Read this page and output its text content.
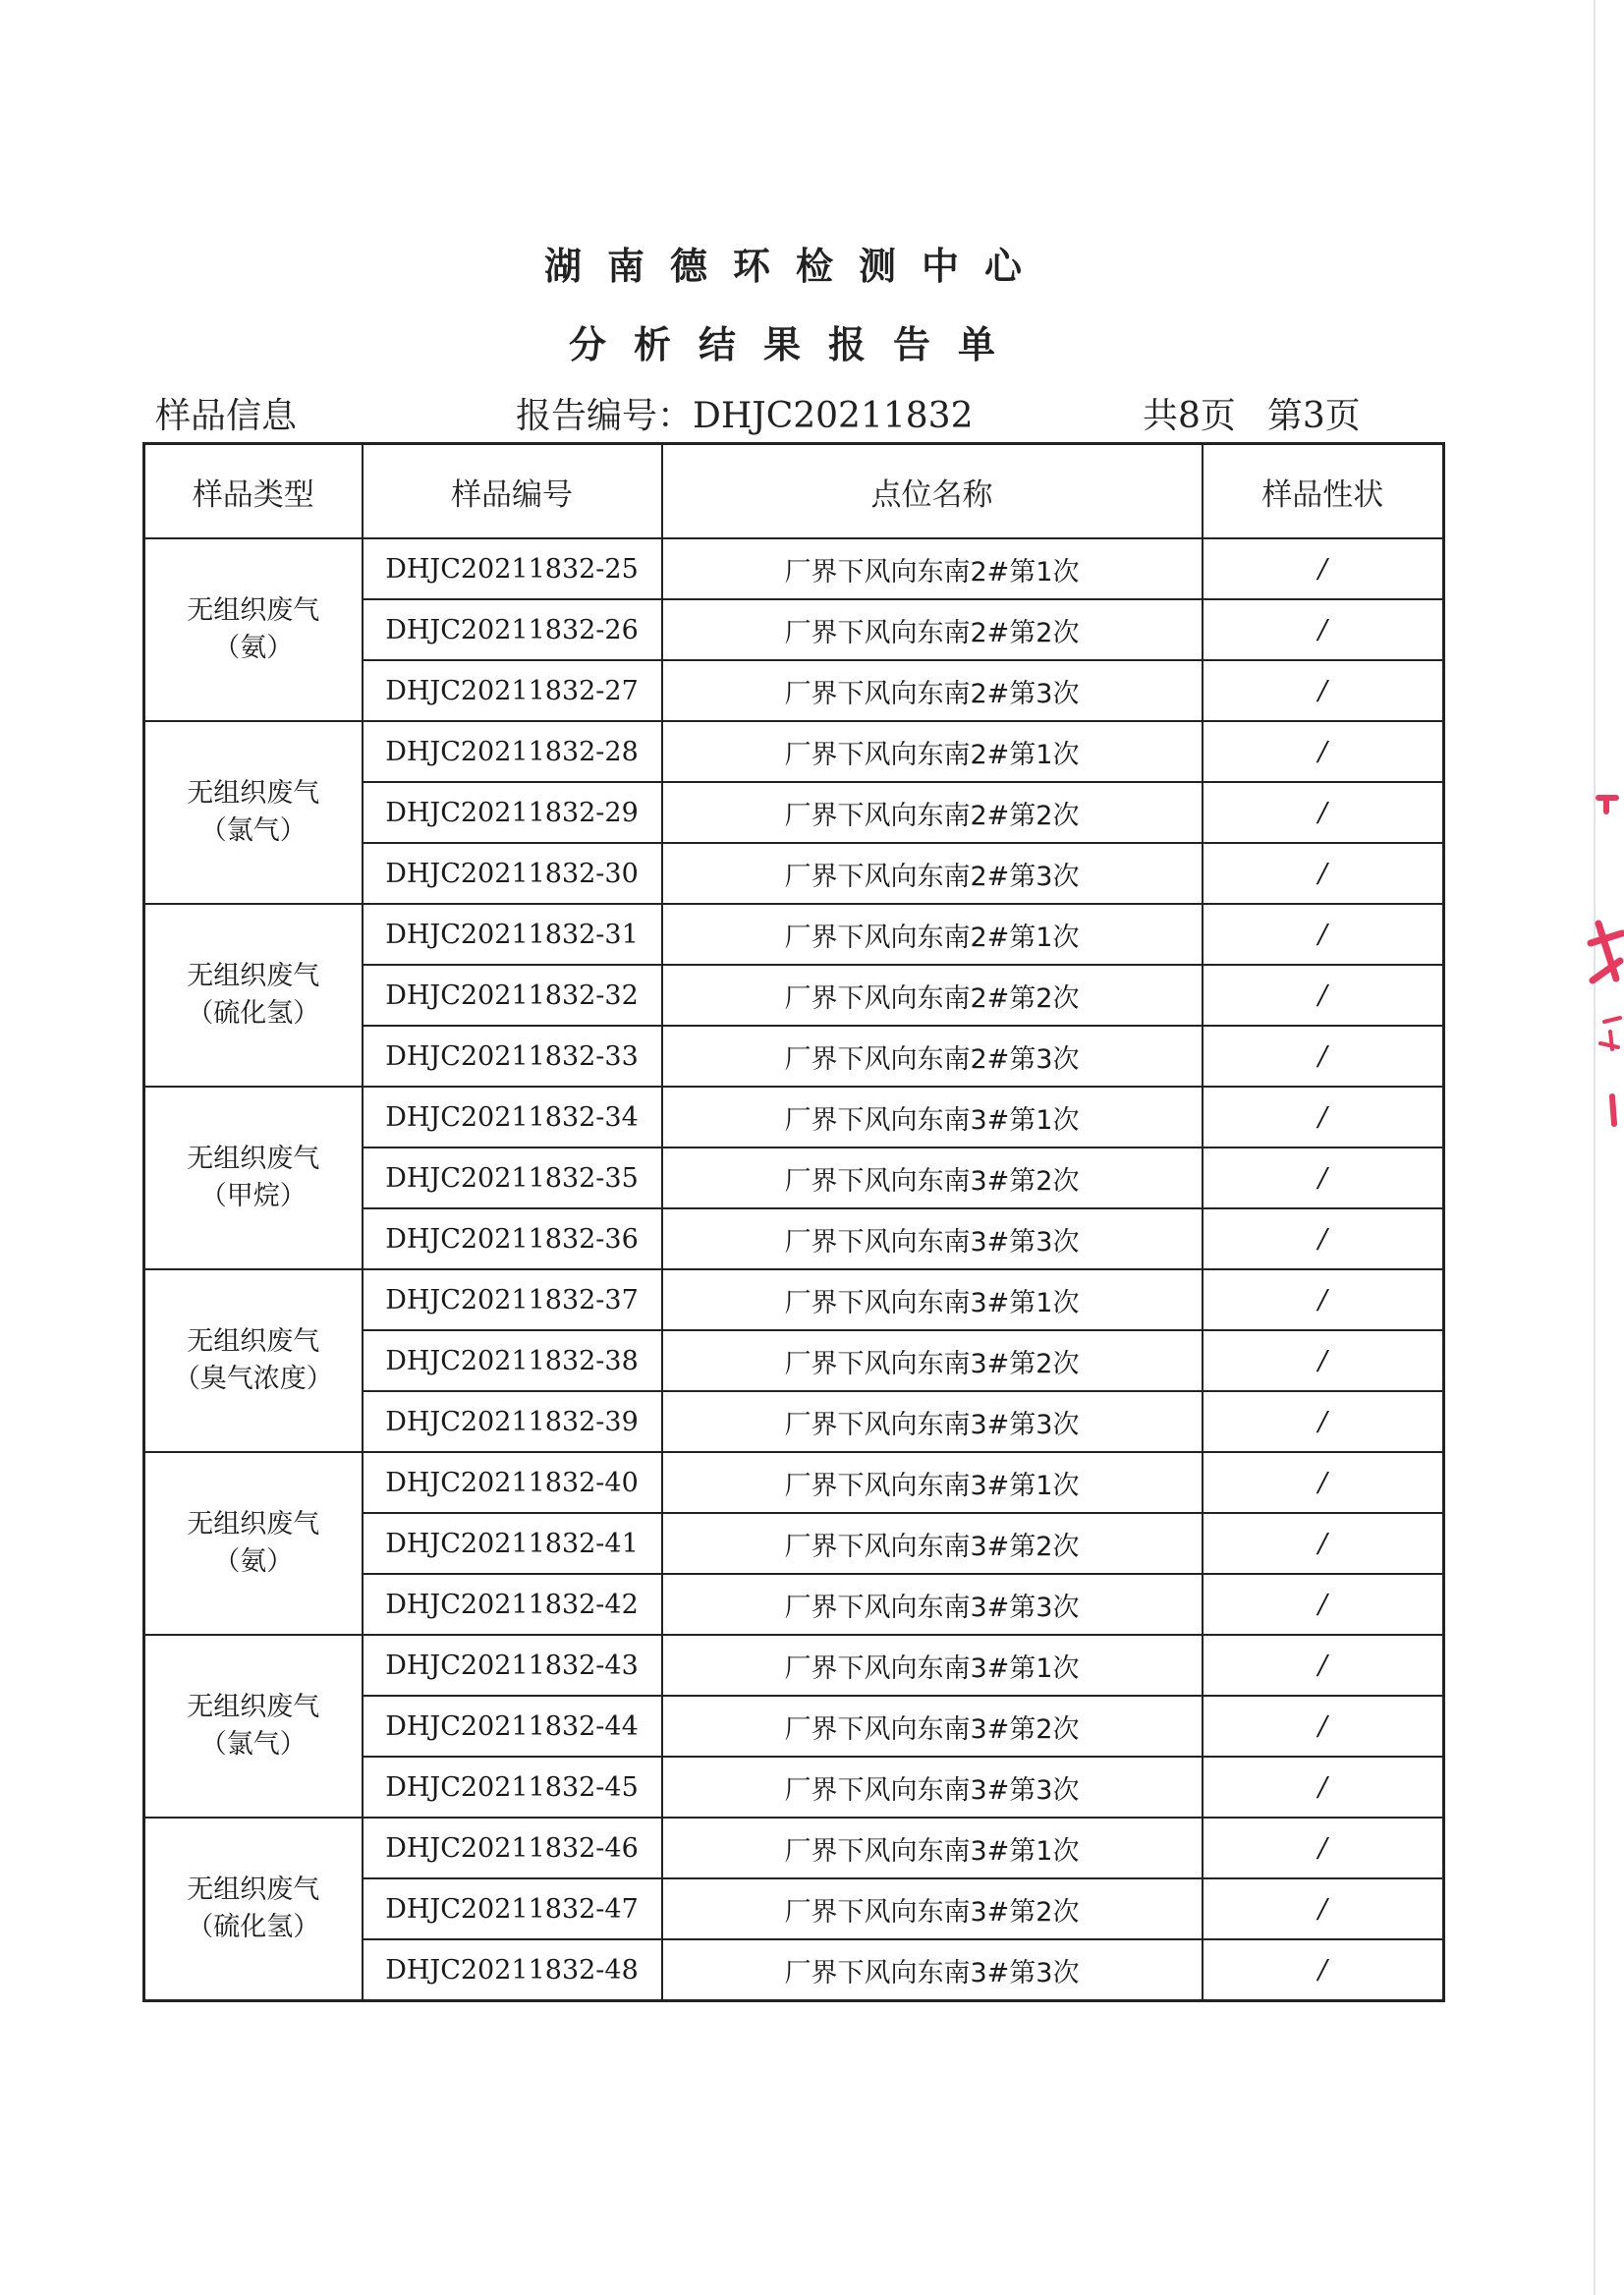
湖南德环检测中心
分析结果报告单
样品信息	报告编号：DHJC20211832	共8页 第3页
样品类型	样品编号	点位名称	样品性状

无组织废气
（氨）	DHJC20211832-25	厂界下风向东南2#第1次	/
	DHJC20211832-26	厂界下风向东南2#第2次	/
	DHJC20211832-27	厂界下风向东南2#第3次	/

无组织废气
（氯气）	DHJC20211832-28	厂界下风向东南2#第1次	/
	DHJC20211832-29	厂界下风向东南2#第2次	/
	DHJC20211832-30	厂界下风向东南2#第3次	/

无组织废气
（硫化氢）	DHJC20211832-31	厂界下风向东南2#第1次	/
	DHJC20211832-32	厂界下风向东南2#第2次	/
	DHJC20211832-33	厂界下风向东南2#第3次	/

无组织废气
（甲烷）	DHJC20211832-34	厂界下风向东南3#第1次	/
	DHJC20211832-35	厂界下风向东南3#第2次	/
	DHJC20211832-36	厂界下风向东南3#第3次	/

无组织废气
（臭气浓度）	DHJC20211832-37	厂界下风向东南3#第1次	/
	DHJC20211832-38	厂界下风向东南3#第2次	/
	DHJC20211832-39	厂界下风向东南3#第3次	/

无组织废气
（氨）	DHJC20211832-40	厂界下风向东南3#第1次	/
	DHJC20211832-41	厂界下风向东南3#第2次	/
	DHJC20211832-42	厂界下风向东南3#第3次	/

无组织废气
（氯气）	DHJC20211832-43	厂界下风向东南3#第1次	/
	DHJC20211832-44	厂界下风向东南3#第2次	/
	DHJC20211832-45	厂界下风向东南3#第3次	/

无组织废气
（硫化氢）	DHJC20211832-46	厂界下风向东南3#第1次	/
	DHJC20211832-47	厂界下风向东南3#第2次	/
	DHJC20211832-48	厂界下风向东南3#第3次	/
